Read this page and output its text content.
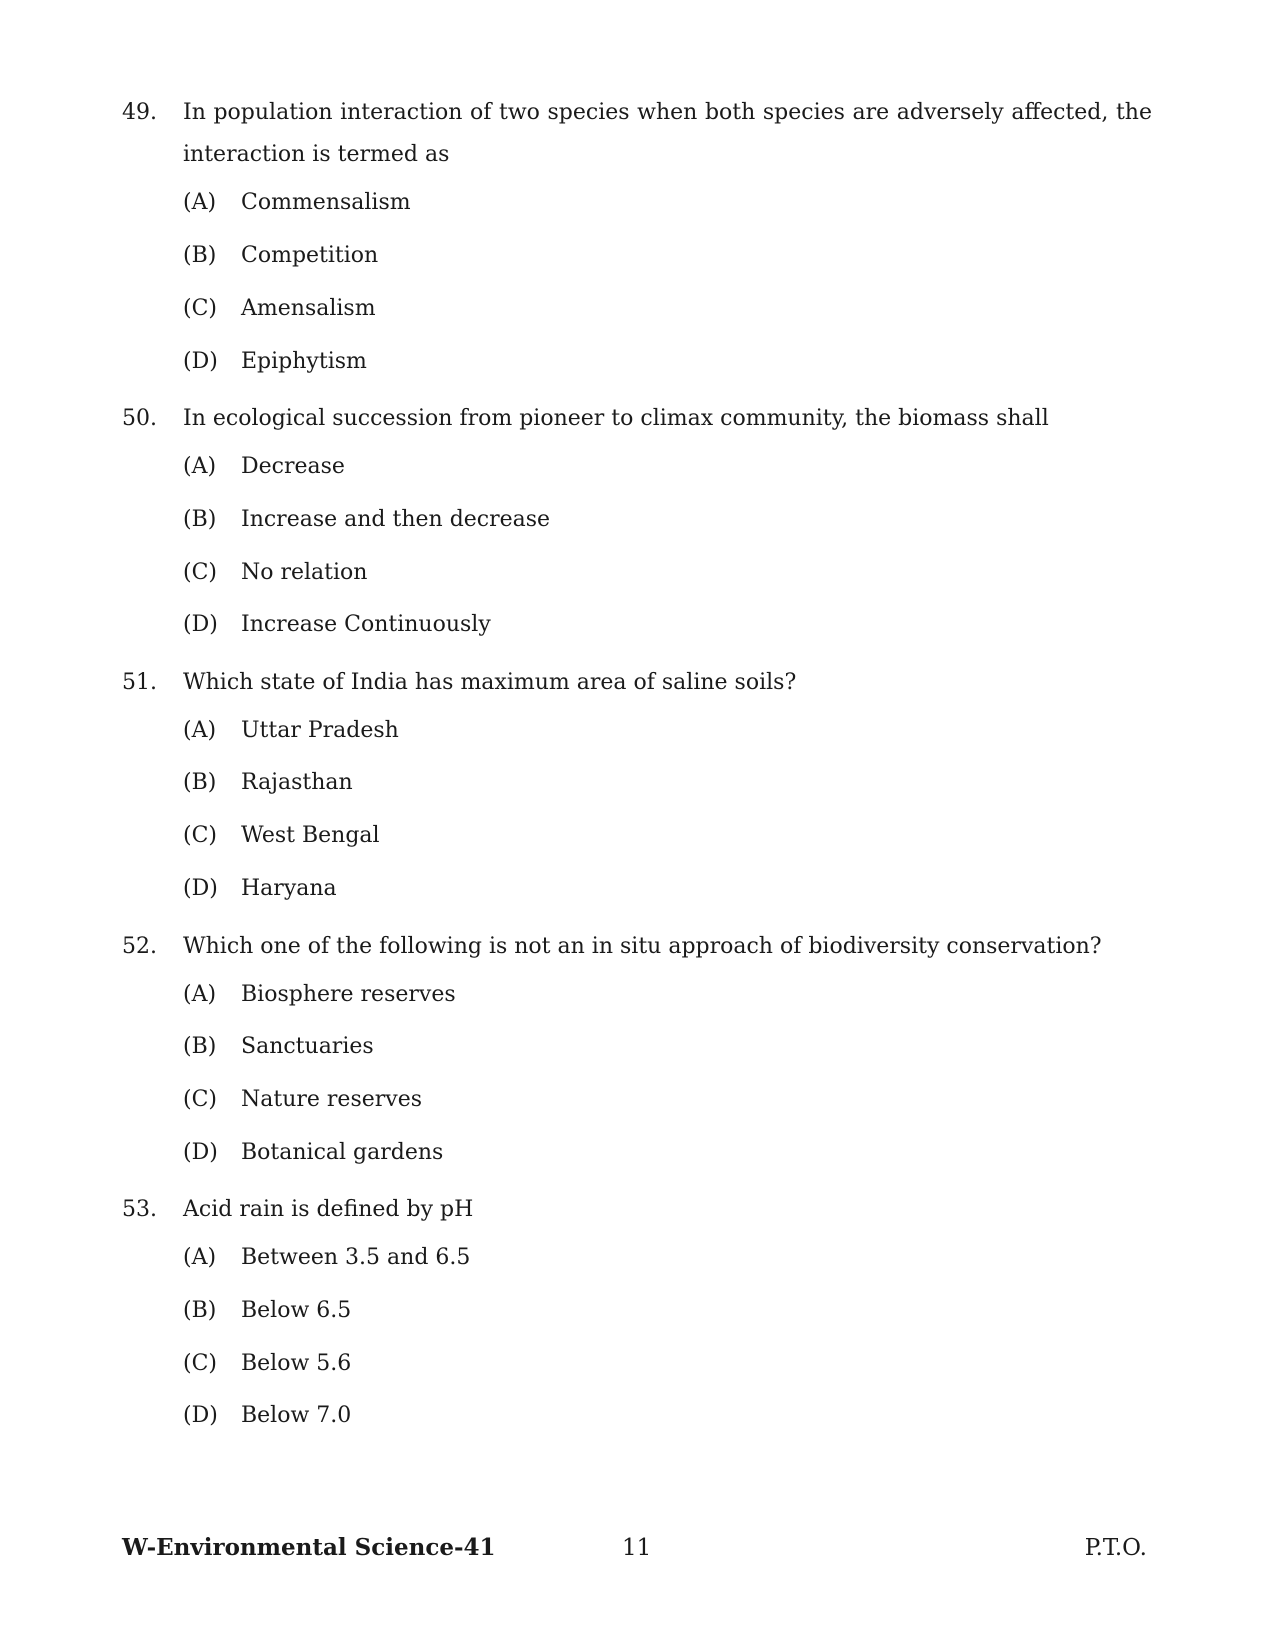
49.	In population interaction of two species when both species are adversely affected, the interaction is termed as
(A) Commensalism
(B) Competition
(C) Amensalism
(D) Epiphytism
50.	In ecological succession from pioneer to climax community, the biomass shall
(A) Decrease
(B) Increase and then decrease
(C) No relation
(D) Increase Continuously
51.	Which state of India has maximum area of saline soils?
(A) Uttar Pradesh
(B) Rajasthan
(C) West Bengal
(D) Haryana
52.	Which one of the following is not an in situ approach of biodiversity conservation?
(A) Biosphere reserves
(B) Sanctuaries
(C) Nature reserves
(D) Botanical gardens
53.	Acid rain is defined by pH
(A) Between 3.5 and 6.5
(B) Below 6.5
(C) Below 5.6
(D) Below 7.0
W-Environmental Science-41	11	P.T.O.
